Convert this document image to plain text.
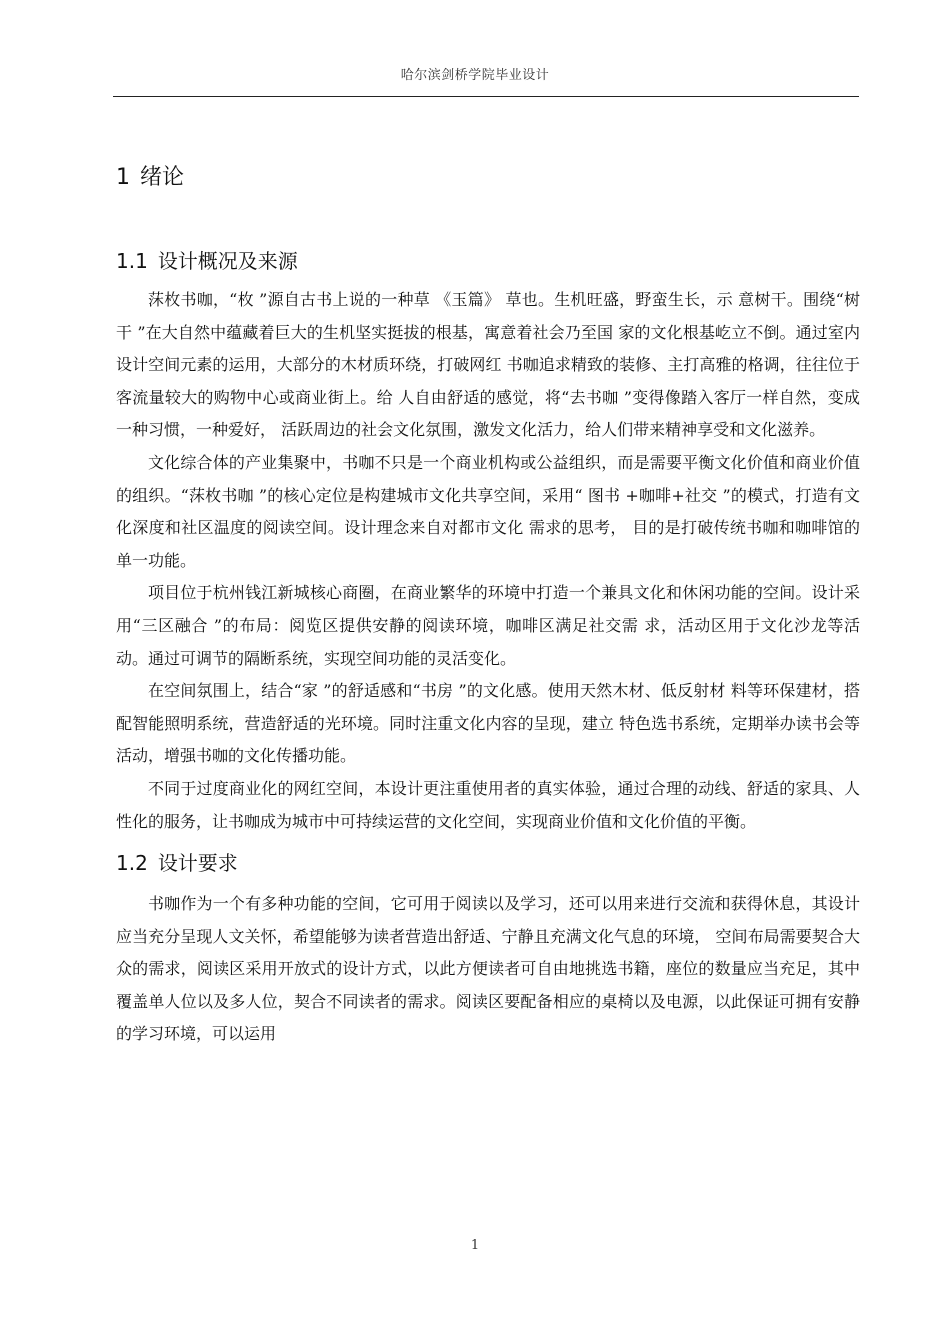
哈尔滨剑桥学院毕业设计
1 绪论
1.1 设计概况及来源

莯枚书咖，“枚 ”源自古书上说的一种草 《玉篇》 草也。生机旺盛，野蛮生长，示 意树干。围绕“树干 ”在大自然中蕴藏着巨大的生机坚实挺拔的根基，寓意着社会乃至国 家的文化根基屹立不倒。通过室内设计空间元素的运用，大部分的木材质环绕，打破网红 书咖追求精致的装修、主打高雅的格调，往往位于客流量较大的购物中心或商业街上。给 人自由舒适的感觉，将“去书咖 ”变得像踏入客厅一样自然，变成一种习惯，一种爱好， 活跃周边的社会文化氛围，激发文化活力，给人们带来精神享受和文化滋养。

文化综合体的产业集聚中，书咖不只是一个商业机构或公益组织，而是需要平衡文化价值和商业价值的组织。“莯枚书咖 ”的核心定位是构建城市文化共享空间，采用“ 图书 +咖啡+社交 ”的模式，打造有文化深度和社区温度的阅读空间。设计理念来自对都市文化 需求的思考， 目的是打破传统书咖和咖啡馆的单一功能。

项目位于杭州钱江新城核心商圈，在商业繁华的环境中打造一个兼具文化和休闲功能的空间。设计采用“三区融合 ”的布局：阅览区提供安静的阅读环境，咖啡区满足社交需 求，活动区用于文化沙龙等活动。通过可调节的隔断系统，实现空间功能的灵活变化。

在空间氛围上，结合“家 ”的舒适感和“书房 ”的文化感。使用天然木材、低反射材 料等环保建材，搭配智能照明系统，营造舒适的光环境。同时注重文化内容的呈现，建立 特色选书系统，定期举办读书会等活动，增强书咖的文化传播功能。

不同于过度商业化的网红空间，本设计更注重使用者的真实体验，通过合理的动线、舒适的家具、人性化的服务，让书咖成为城市中可持续运营的文化空间，实现商业价值和文化价值的平衡。

1.2 设计要求

书咖作为一个有多种功能的空间，它可用于阅读以及学习，还可以用来进行交流和获得休息，其设计应当充分呈现人文关怀，希望能够为读者营造出舒适、宁静且充满文化气息的环境， 空间布局需要契合大众的需求，阅读区采用开放式的设计方式，以此方便读者可自由地挑选书籍，座位的数量应当充足，其中覆盖单人位以及多人位，契合不同读者的需求。阅读区要配备相应的桌椅以及电源，以此保证可拥有安静的学习环境，可以运用

1
